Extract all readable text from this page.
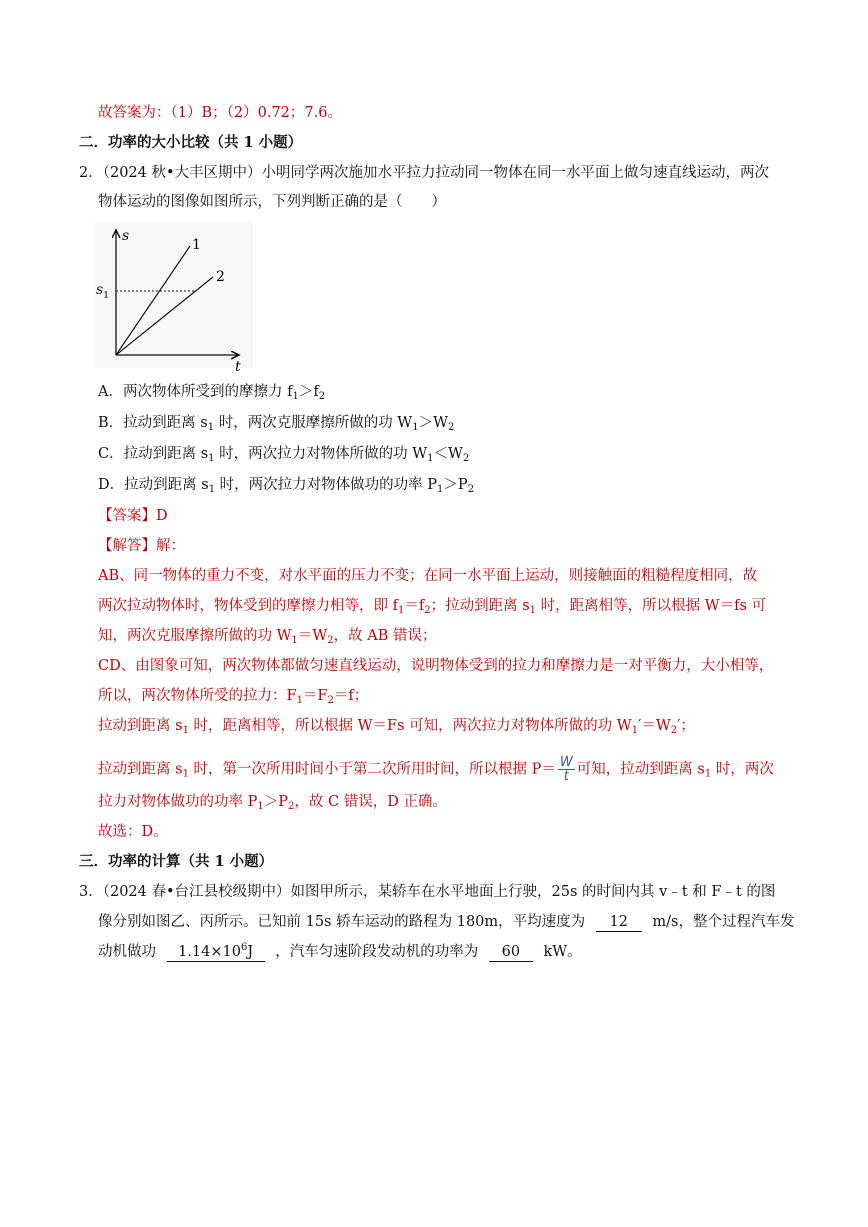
故答案为：（1）B；（2）0.72；7.6。
二．功率的大小比较（共 1 小题）
2．（2024 秋•大丰区期中）小明同学两次施加水平拉力拉动同一物体在同一水平面上做匀速直线运动，两次
物体运动的图像如图所示，下列判断正确的是（　　）
s
t
$s_1$
1
2
A．两次物体所受到的摩擦力 $f_1>f_2$
B．拉动到距离 $s_1$ 时，两次克服摩擦所做的功 $W_1>W_2$
C．拉动到距离 $s_1$ 时，两次拉力对物体所做的功 $W_1<W_2$
D．拉动到距离 $s_1$ 时，两次拉力对物体做功的功率 $P_1>P_2$
【答案】D
【解答】解：
AB、同一物体的重力不变，对水平面的压力不变；在同一水平面上运动，则接触面的粗糙程度相同，故
两次拉动物体时，物体受到的摩擦力相等，即 $f_1=f_2$；拉动到距离 $s_1$ 时，距离相等，所以根据 W＝fs 可
知，两次克服摩擦所做的功 $W_1=W_2$，故 AB 错误；
CD、由图象可知，两次物体都做匀速直线运动，说明物体受到的拉力和摩擦力是一对平衡力，大小相等，
所以，两次物体所受的拉力：$F_1=F_2=f$；
拉动到距离 $s_1$ 时，距离相等，所以根据 W＝Fs 可知，两次拉力对物体所做的功 $W_1'=W_2'$；
拉动到距离 $s_1$ 时，第一次所用时间小于第二次所用时间，所以根据 $P= \frac{W}{t}$ 可知，拉动到距离 $s_1$ 时，两次
拉力对物体做功的功率 $P_1>P_2$，故 C 错误，D 正确。
故选：D。
三．功率的计算（共 1 小题）
3．（2024 春•台江县校级期中）如图甲所示，某轿车在水平地面上行驶，25s 的时间内其 v﹣t 和 F﹣t 的图
像分别如图乙、丙所示。已知前 15s 轿车运动的路程为 180m，平均速度为 12 m/s，整个过程汽车发
动机做功 $1.14\times 10^6J$ ，汽车匀速阶段发动机的功率为 60 kW。
